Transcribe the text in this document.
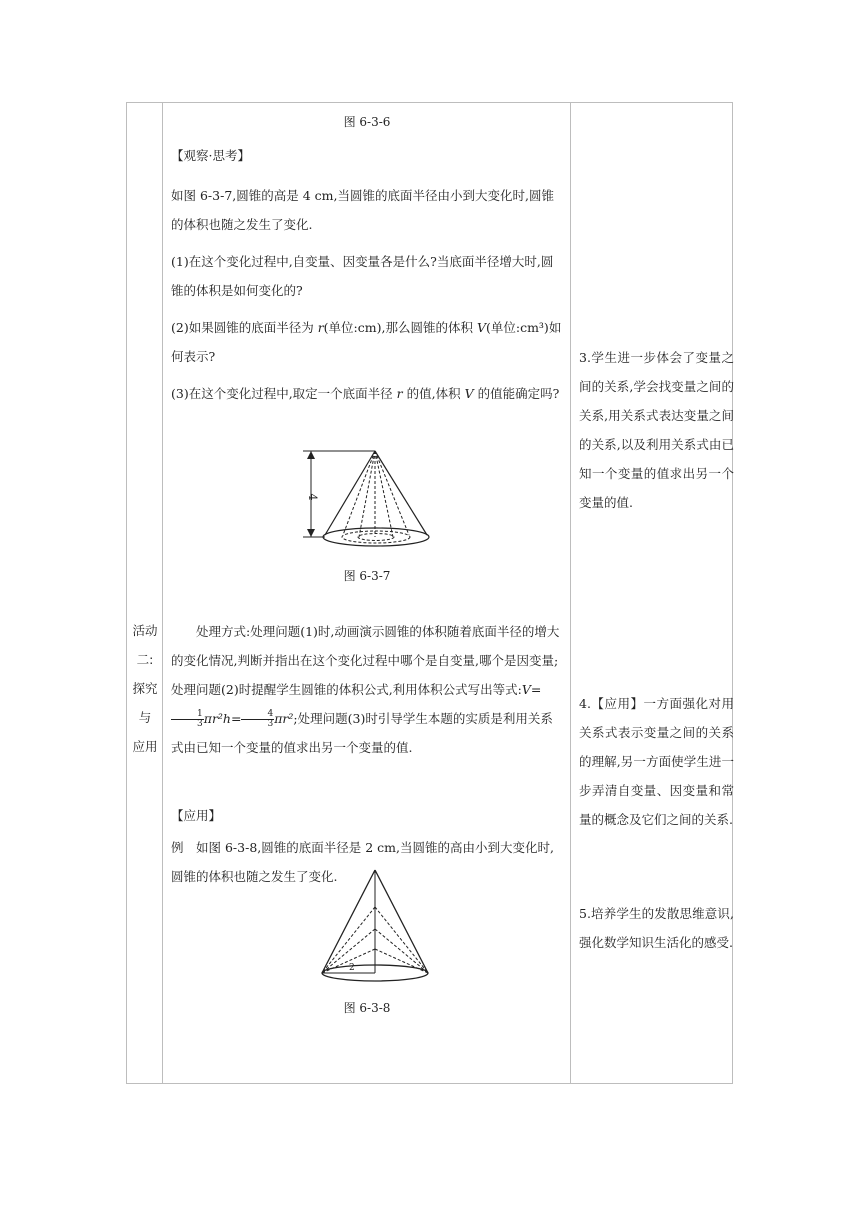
活动
二:
探究
与
应用
图 6-3-6
【观察·思考】
如图 6-3-7,圆锥的高是 4 cm,当圆锥的底面半径由小到大变化时,圆锥的体积也随之发生了变化.
(1)在这个变化过程中,自变量、因变量各是什么?当底面半径增大时,圆锥的体积是如何变化的?
(2)如果圆锥的底面半径为 r(单位:cm),那么圆锥的体积 V(单位:cm³)如何表示?
(3)在这个变化过程中,取定一个底面半径 r 的值,体积 V 的值能确定吗?
4
图 6-3-7
处理方式:处理问题(1)时,动画演示圆锥的体积随着底面半径的增大的变化情况,判断并指出在这个变化过程中哪个是自变量,哪个是因变量;处理问题(2)时提醒学生圆锥的体积公式,利用体积公式写出等式:V=
$\frac{1}{3} \pi r^2h= \frac{4}{3} \pi r^2$;处理问题(3)时引导学生本题的实质是利用关系式由已知一个变量的值求出另一个变量的值.
【应用】
例　如图 6-3-8,圆锥的底面半径是 2 cm,当圆锥的高由小到大变化时,圆锥的体积也随之发生了变化.
2
图 6-3-8
3.学生进一步体会了变量之间的关系,学会找变量之间的关系,用关系式表达变量之间的关系,以及利用关系式由已知一个变量的值求出另一个变量的值.
4.【应用】一方面强化对用关系式表示变量之间的关系的理解,另一方面使学生进一步弄清自变量、因变量和常量的概念及它们之间的关系.
5.培养学生的发散思维意识,强化数学知识生活化的感受.
